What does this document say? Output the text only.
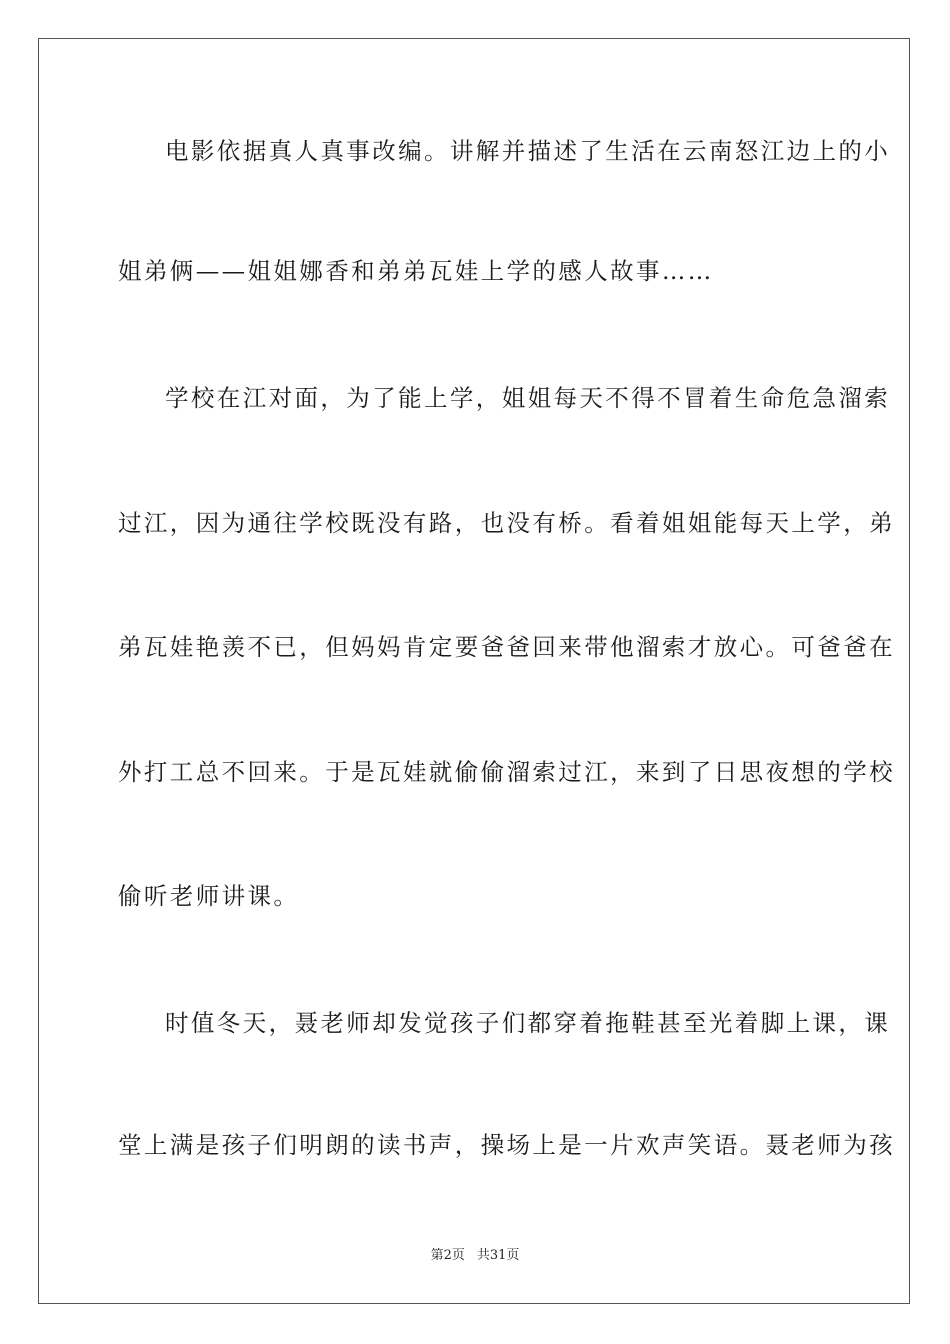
电影依据真人真事改编。讲解并描述了生活在云南怒江边上的小

姐弟俩——姐姐娜香和弟弟瓦娃上学的感人故事……

学校在江对面，为了能上学，姐姐每天不得不冒着生命危急溜索

过江，因为通往学校既没有路，也没有桥。看着姐姐能每天上学，弟

弟瓦娃艳羡不已，但妈妈肯定要爸爸回来带他溜索才放心。可爸爸在

外打工总不回来。于是瓦娃就偷偷溜索过江，来到了日思夜想的学校

偷听老师讲课。

时值冬天，聂老师却发觉孩子们都穿着拖鞋甚至光着脚上课，课

堂上满是孩子们明朗的读书声，操场上是一片欢声笑语。聂老师为孩

第2页 共31页
